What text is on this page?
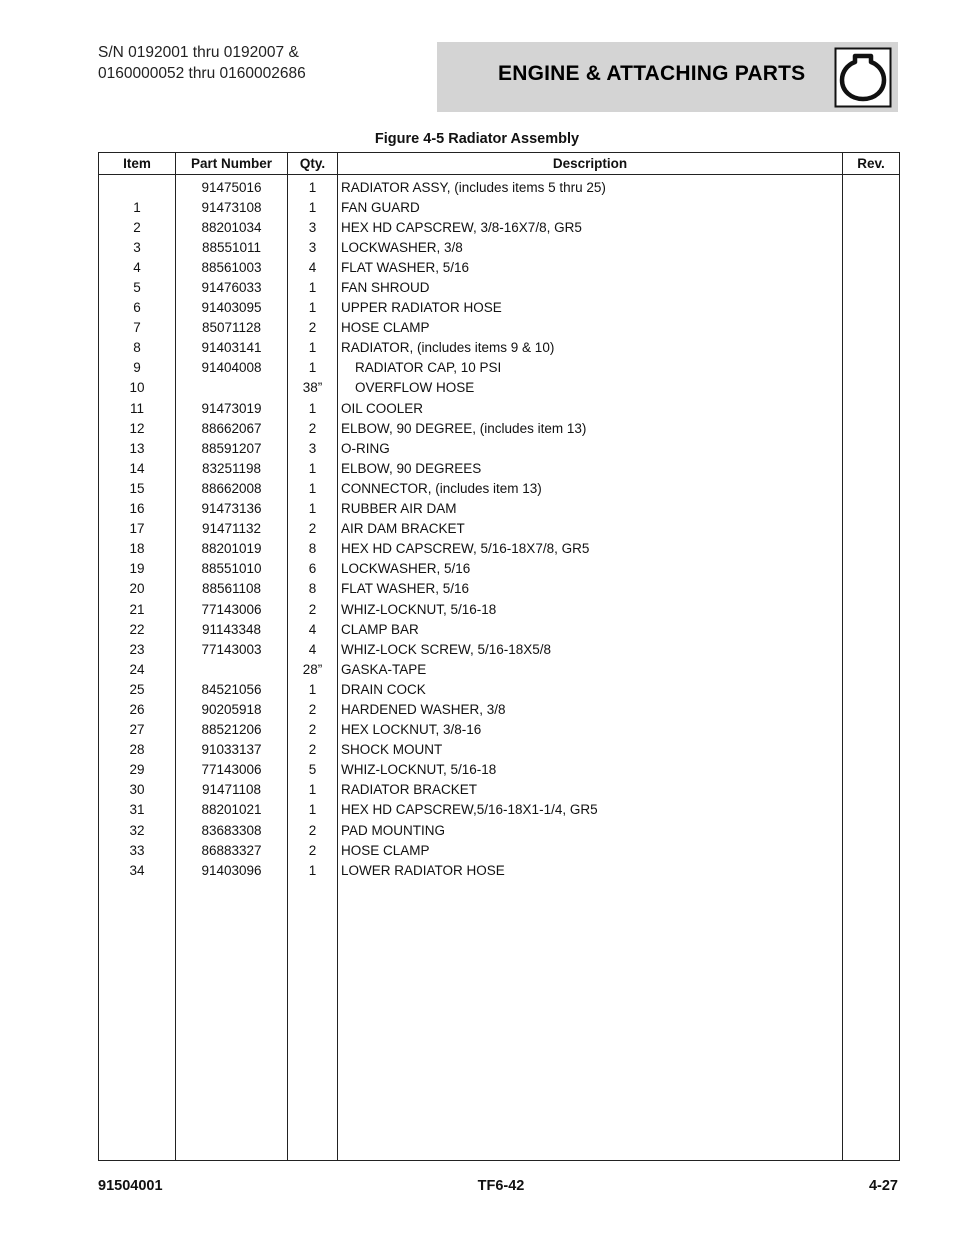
S/N 0192001 thru 0192007 &
0160000052 thru 0160002686	ENGINE & ATTACHING PARTS
Figure 4-5 Radiator Assembly
Item	Part Number	Qty.	Description	Rev.
	91475016	1	RADIATOR ASSY, (includes items 5 thru 25)	
1	91473108	1	FAN GUARD	
2	88201034	3	HEX HD CAPSCREW, 3/8-16X7/8, GR5	
3	88551011	3	LOCKWASHER, 3/8	
4	88561003	4	FLAT WASHER, 5/16	
5	91476033	1	FAN SHROUD	
6	91403095	1	UPPER RADIATOR HOSE	
7	85071128	2	HOSE CLAMP	
8	91403141	1	RADIATOR, (includes items 9 & 10)	
9	91404008	1	RADIATOR CAP, 10 PSI	
10		38”	OVERFLOW HOSE	
11	91473019	1	OIL COOLER	
12	88662067	2	ELBOW, 90 DEGREE, (includes item 13)	
13	88591207	3	O-RING	
14	83251198	1	ELBOW, 90 DEGREES	
15	88662008	1	CONNECTOR, (includes item 13)	
16	91473136	1	RUBBER AIR DAM	
17	91471132	2	AIR DAM BRACKET	
18	88201019	8	HEX HD CAPSCREW, 5/16-18X7/8, GR5	
19	88551010	6	LOCKWASHER, 5/16	
20	88561108	8	FLAT WASHER, 5/16	
21	77143006	2	WHIZ-LOCKNUT, 5/16-18	
22	91143348	4	CLAMP BAR	
23	77143003	4	WHIZ-LOCK SCREW, 5/16-18X5/8	
24		28”	GASKA-TAPE	
25	84521056	1	DRAIN COCK	
26	90205918	2	HARDENED WASHER, 3/8	
27	88521206	2	HEX LOCKNUT, 3/8-16	
28	91033137	2	SHOCK MOUNT	
29	77143006	5	WHIZ-LOCKNUT, 5/16-18	
30	91471108	1	RADIATOR BRACKET	
31	88201021	1	HEX HD CAPSCREW,5/16-18X1-1/4, GR5	
32	83683308	2	PAD MOUNTING	
33	86883327	2	HOSE CLAMP	
34	91403096	1	LOWER RADIATOR HOSE	

91504001	TF6-42	4-27
